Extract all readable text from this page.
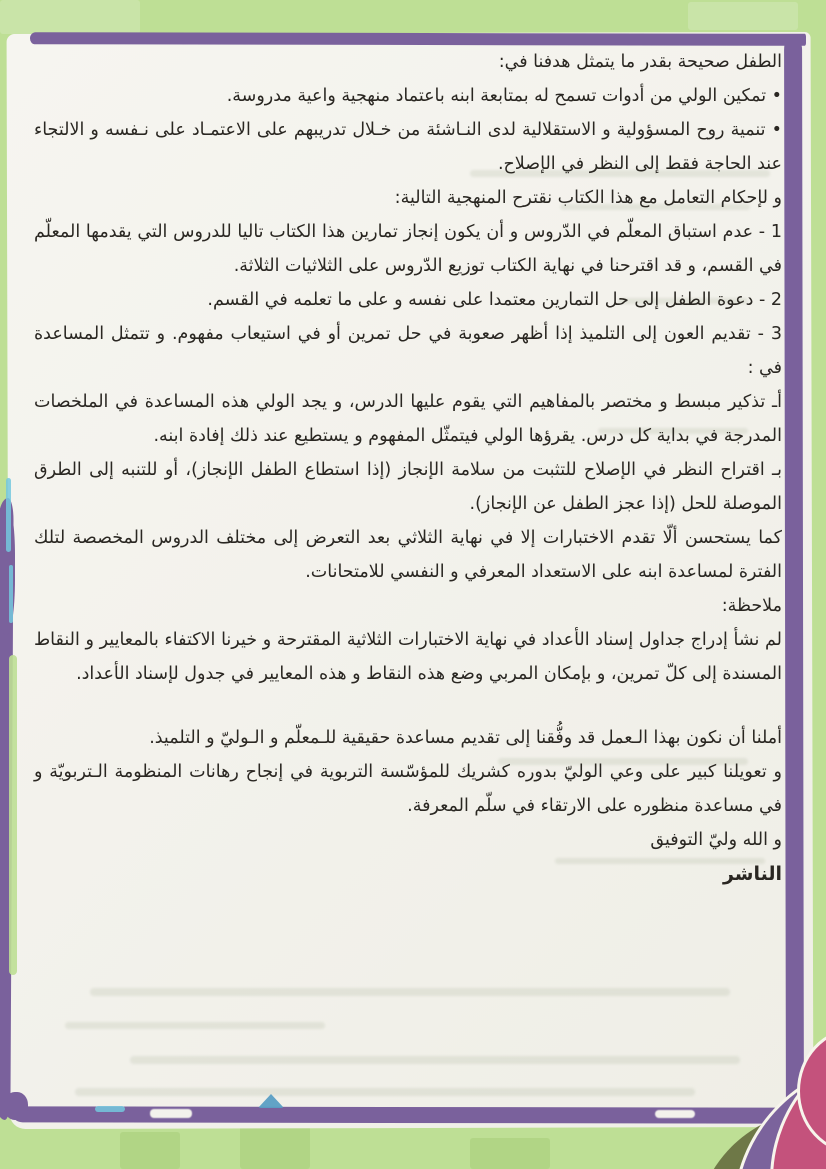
الطفل صحيحة بقدر ما يتمثل هدفنا في:

• تمكين الولي من أدوات تسمح له بمتابعة ابنه باعتماد منهجية واعية مدروسة.

• تنمية روح المسؤولية و الاستقلالية لدى النـاشئة من خـلال تدريبهم على الاعتمـاد على نـفسه و الالتجاء عند الحاجة فقط إلى النظر في الإصلاح.

و لإحكام التعامل مع هذا الكتاب نقترح المنهجية التالية:

1 - عدم استباق المعلّم في الدّروس و أن يكون إنجاز تمارين هذا الكتاب تاليا للدروس التي يقدمها المعلّم في القسم، و قد اقترحنا في نهاية الكتاب توزيع الدّروس على الثلاثيات الثلاثة.

2 - دعوة الطفل إلى حل التمارين معتمدا على نفسه و على ما تعلمه في القسم.

3 - تقديم العون إلى التلميذ إذا أظهر صعوبة في حل تمرين أو في استيعاب مفهوم. و تتمثل المساعدة في :

أـ تذكير مبسط و مختصر بالمفاهيم التي يقوم عليها الدرس، و يجد الولي هذه المساعدة في الملخصات المدرجة في بداية كل درس. يقرؤها الولي فيتمثّل المفهوم و يستطيع عند ذلك إفادة ابنه.

بـ اقتراح النظر في الإصلاح للتثبت من سلامة الإنجاز (إذا استطاع الطفل الإنجاز)، أو للتنبه إلى الطرق الموصلة للحل (إذا عجز الطفل عن الإنجاز).

كما يستحسن ألّا تقدم الاختبارات إلا في نهاية الثلاثي بعد التعرض إلى مختلف الدروس المخصصة لتلك الفترة لمساعدة ابنه على الاستعداد المعرفي و النفسي للامتحانات.

ملاحظة:

لم نشأ إدراج جداول إسناد الأعداد في نهاية الاختبارات الثلاثية المقترحة و خيرنا الاكتفاء بالمعايير و النقاط المسندة إلى كلّ تمرين، و بإمكان المربي وضع هذه النقاط و هذه المعايير في جدول لإسناد الأعداد.

أملنا أن نكون بهذا الـعمل قد وفُّقنا إلى تقديم مساعدة حقيقية للـمعلّم و الـوليّ و التلميذ.

و تعويلنا كبير على وعي الوليّ بدوره كشريك للمؤسّسة التربوية في إنجاح رهانات المنظومة الـتربويّة و في مساعدة منظوره على الارتقاء في سلّم المعرفة.

و الله وليّ التوفيق

الناشر
